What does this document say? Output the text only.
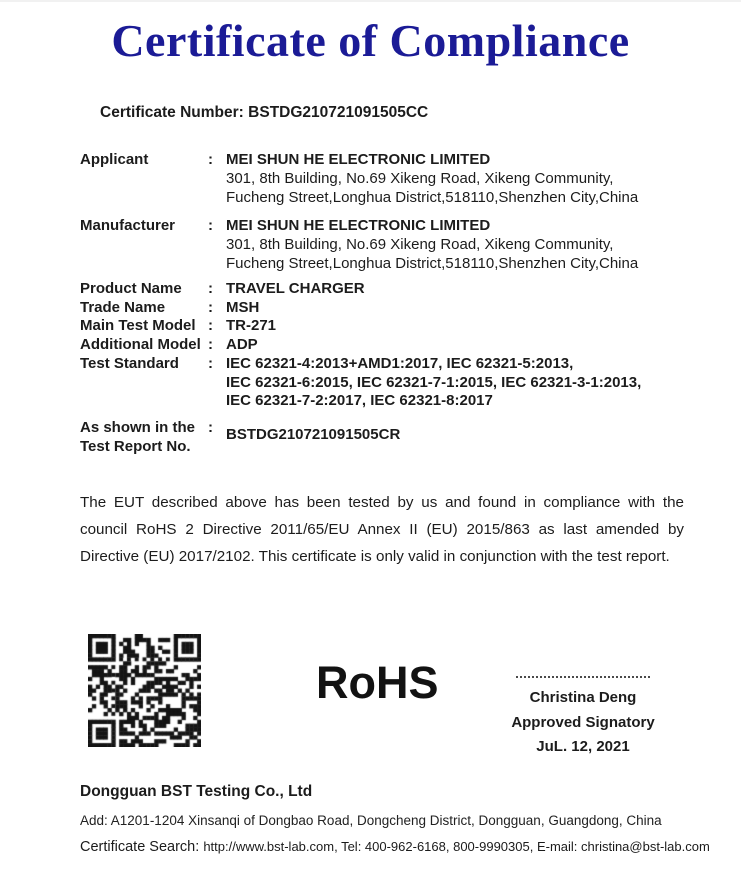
Certificate of Compliance
Certificate Number: BSTDG210721091505CC
Applicant	: MEI SHUN HE ELECTRONIC LIMITED
301, 8th Building, No.69 Xikeng Road, Xikeng Community,
Fucheng Street,Longhua District,518110,Shenzhen City,China
Manufacturer	: MEI SHUN HE ELECTRONIC LIMITED
301, 8th Building, No.69 Xikeng Road, Xikeng Community,
Fucheng Street,Longhua District,518110,Shenzhen City,China
Product Name	: TRAVEL CHARGER
Trade Name	: MSH
Main Test Model : TR-271
Additional Model : ADP
Test Standard	: IEC 62321-4:2013+AMD1:2017, IEC 62321-5:2013,
IEC 62321-6:2015, IEC 62321-7-1:2015, IEC 62321-3-1:2013,
IEC 62321-7-2:2017, IEC 62321-8:2017
As shown in the
Test Report No.
: BSTDG210721091505CR
The EUT described above has been tested by us and found in compliance with the council RoHS 2 Directive 2011/65/EU Annex II (EU) 2015/863 as last amended by Directive (EU) 2017/2102. This certificate is only valid in conjunction with the test report.
RoHS	Christina Deng
Approved Signatory
JuL. 12, 2021
Dongguan BST Testing Co., Ltd
Add: A1201-1204 Xinsanqi of Dongbao Road, Dongcheng District, Dongguan, Guangdong, China
Certificate Search: http://www.bst-lab.com, Tel: 400-962-6168, 800-9990305, E-mail: christina@bst-lab.com
